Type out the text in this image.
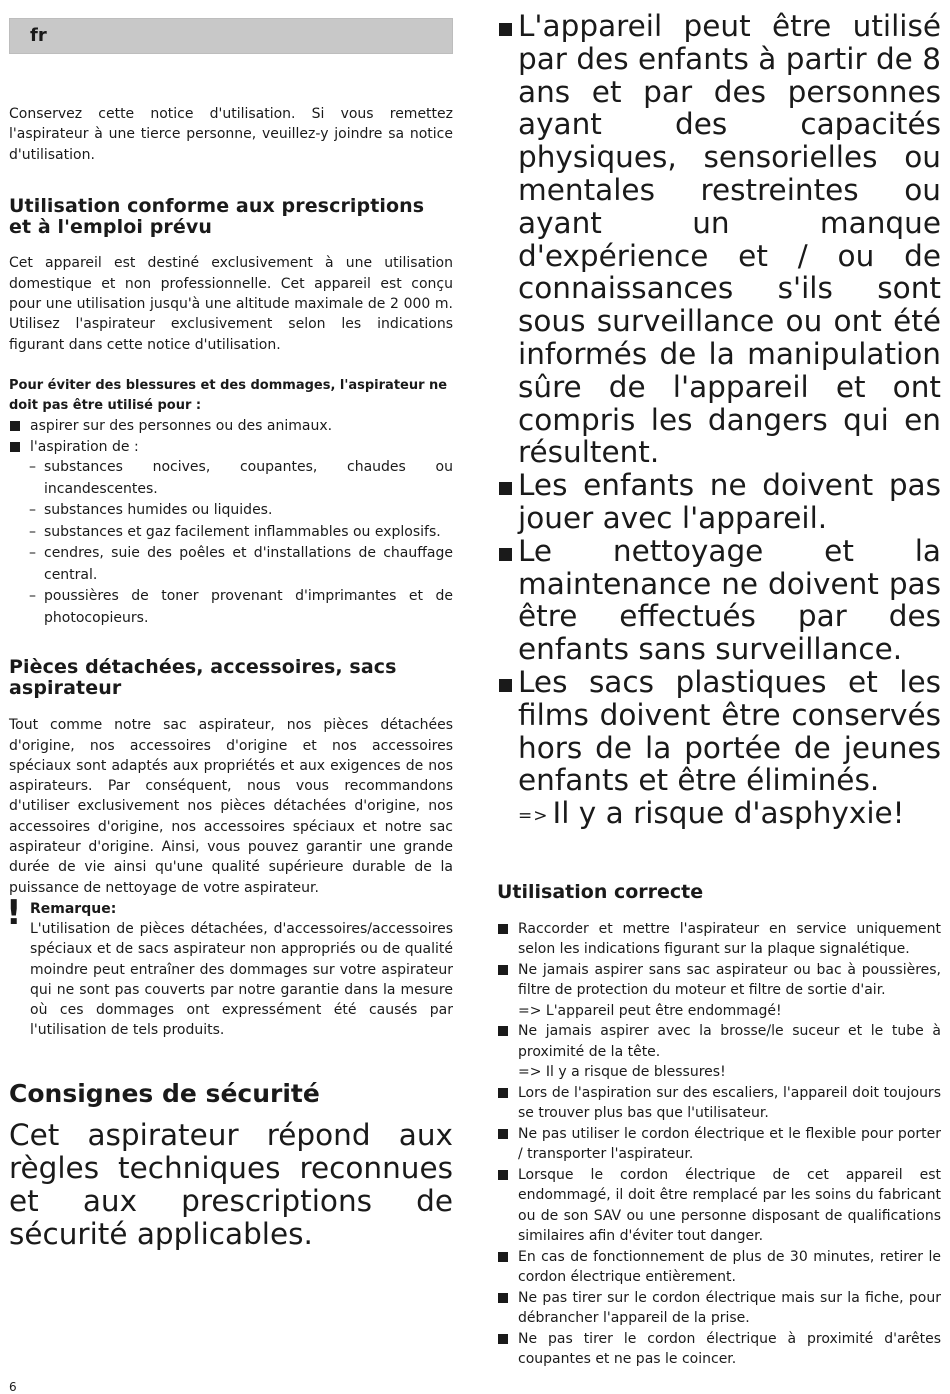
fr

Conservez cette notice d'utilisation. Si vous remettez l'aspirateur à une tierce personne, veuillez-y joindre sa notice d'utilisation.

Utilisation conforme aux prescriptions et à l'emploi prévu

Cet appareil est destiné exclusivement à une utilisation domestique et non professionnelle. Cet appareil est conçu pour une utilisation jusqu'à une altitude maximale de 2 000 m. Utilisez l'aspirateur exclusivement selon les indications figurant dans cette notice d'utilisation.

Pour éviter des blessures et des dommages, l'aspirateur ne doit pas être utilisé pour :
aspirer sur des personnes ou des animaux.
l'aspiration de :
– substances nocives, coupantes, chaudes ou incandescentes.
– substances humides ou liquides.
– substances et gaz facilement inflammables ou explosifs.
– cendres, suie des poêles et d'installations de chauffage central.
– poussières de toner provenant d'imprimantes et de photocopieurs.
Pièces détachées, accessoires, sacs aspirateur

Tout comme notre sac aspirateur, nos pièces détachées d'origine, nos accessoires d'origine et nos accessoires spéciaux sont adaptés aux propriétés et aux exigences de nos aspirateurs. Par conséquent, nous vous recommandons d'utiliser exclusivement nos pièces détachées d'origine, nos accessoires d'origine, nos accessoires spéciaux et notre sac aspirateur d'origine. Ainsi, vous pouvez garantir une grande durée de vie ainsi qu'une qualité supérieure durable de la puissance de nettoyage de votre aspirateur.

! Remarque:

L'utilisation de pièces détachées, d'accessoires/accessoires spéciaux et de sacs aspirateur non appropriés ou de qualité moindre peut entraîner des dommages sur votre aspirateur qui ne sont pas couverts par notre garantie dans la mesure où ces dommages ont expressément été causés par l'utilisation de tels produits.

Consignes de sécurité

Cet aspirateur répond aux règles techniques reconnues et aux prescriptions de sécurité applicables.

L'appareil peut être utilisé par des enfants à partir de 8 ans et par des personnes ayant des capacités physiques, sensorielles ou mentales restreintes ou ayant un manque d'expérience et / ou de connaissances s'ils sont sous surveillance ou ont été informés de la manipulation sûre de l'appareil et ont compris les dangers qui en résultent.
Les enfants ne doivent pas jouer avec l'appareil.
Le nettoyage et la maintenance ne doivent pas être effectués par des enfants sans surveillance.
Les sacs plastiques et les films doivent être conservés hors de la portée de jeunes enfants et être éliminés.
=> Il y a risque d'asphyxie!
Utilisation correcte
Raccorder et mettre l'aspirateur en service uniquement selon les indications figurant sur la plaque signalétique.
Ne jamais aspirer sans sac aspirateur ou bac à poussières, filtre de protection du moteur et filtre de sortie d'air.
=> L'appareil peut être endommagé!
Ne jamais aspirer avec la brosse/le suceur et le tube à proximité de la tête.
=> Il y a risque de blessures!
Lors de l'aspiration sur des escaliers, l'appareil doit toujours se trouver plus bas que l'utilisateur.
Ne pas utiliser le cordon électrique et le flexible pour porter / transporter l'aspirateur.
Lorsque le cordon électrique de cet appareil est endommagé, il doit être remplacé par les soins du fabricant ou de son SAV ou une personne disposant de qualifications similaires afin d'éviter tout danger.
En cas de fonctionnement de plus de 30 minutes, retirer le cordon électrique entièrement.
Ne pas tirer sur le cordon électrique mais sur la fiche, pour débrancher l'appareil de la prise.
Ne pas tirer le cordon électrique à proximité d'arêtes coupantes et ne pas le coincer.
6
